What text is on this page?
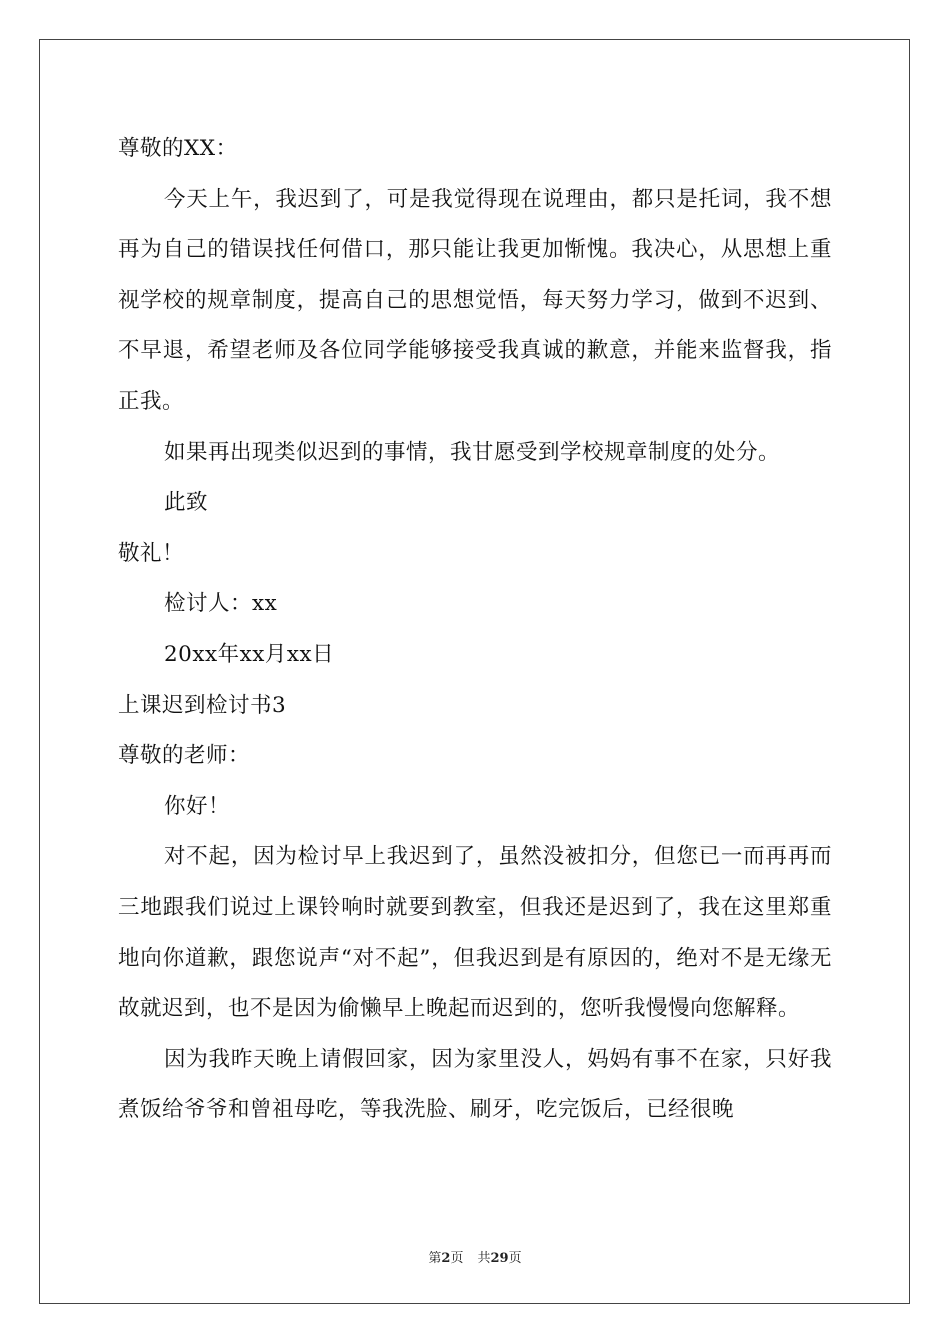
尊敬的XX：

今天上午，我迟到了，可是我觉得现在说理由，都只是托词，我不想再为自己的错误找任何借口，那只能让我更加惭愧。我决心，从思想上重视学校的规章制度，提高自己的思想觉悟，每天努力学习，做到不迟到、不早退，希望老师及各位同学能够接受我真诚的歉意，并能来监督我，指正我。

如果再出现类似迟到的事情，我甘愿受到学校规章制度的处分。

此致
敬礼！
检讨人：xx
20xx年xx月xx日
上课迟到检讨书3
尊敬的老师：
你好！

对不起，因为检讨早上我迟到了，虽然没被扣分，但您已一而再再而三地跟我们说过上课铃响时就要到教室，但我还是迟到了，我在这里郑重地向你道歉，跟您说声“对不起”，但我迟到是有原因的，绝对不是无缘无故就迟到，也不是因为偷懒早上晚起而迟到的，您听我慢慢向您解释。

因为我昨天晚上请假回家，因为家里没人，妈妈有事不在家，只好我煮饭给爷爷和曾祖母吃，等我洗脸、刷牙，吃完饭后，已经很晚

第2页 共29页
